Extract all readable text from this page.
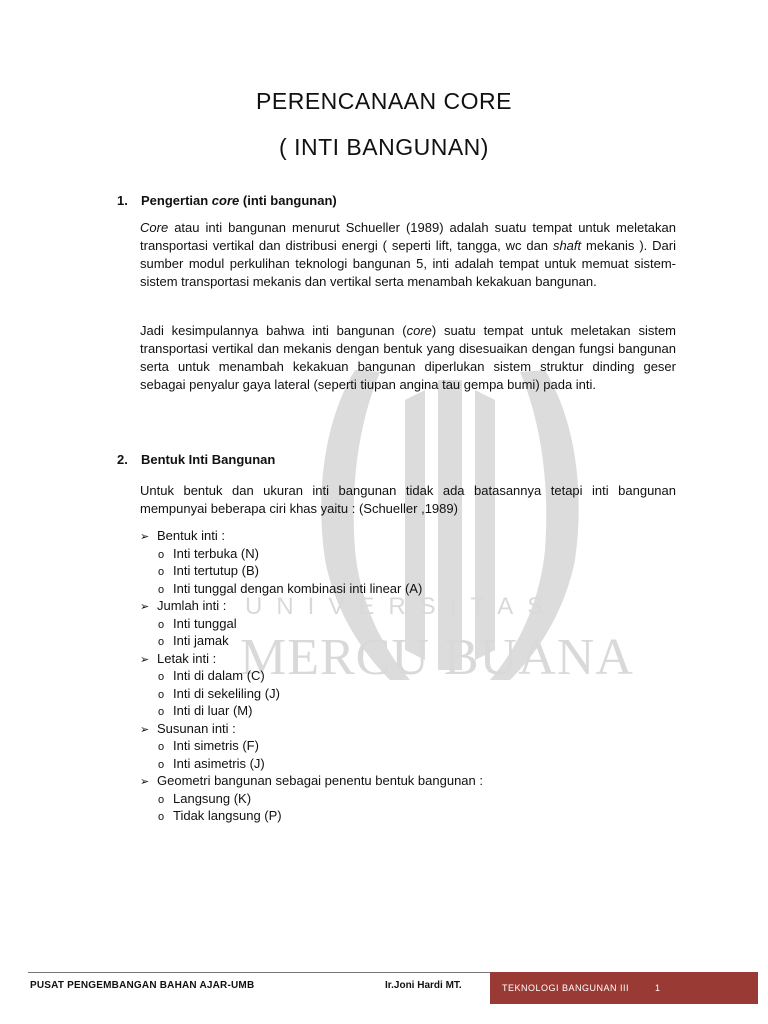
UNIVERSITAS
MERCU BUANA
PERENCANAAN CORE
( INTI BANGUNAN)
1. Pengertian core (inti bangunan)
Core atau inti bangunan menurut Schueller (1989) adalah suatu tempat untuk meletakan transportasi vertikal dan distribusi energi ( seperti lift, tangga, wc dan shaft mekanis ). Dari sumber modul perkulihan teknologi bangunan 5, inti adalah tempat untuk memuat sistem-sistem transportasi mekanis dan vertikal serta menambah kekakuan bangunan.
Jadi kesimpulannya bahwa inti bangunan (core) suatu tempat untuk meletakan sistem transportasi vertikal dan mekanis dengan bentuk yang disesuaikan dengan fungsi bangunan serta untuk menambah kekakuan bangunan diperlukan sistem struktur dinding geser sebagai penyalur gaya lateral (seperti tiupan angina tau gempa bumi) pada inti.
2. Bentuk Inti Bangunan
Untuk bentuk dan ukuran inti bangunan tidak ada batasannya tetapi inti bangunan mempunyai beberapa ciri khas yaitu : (Schueller ,1989)
➢ Bentuk inti :
o Inti terbuka (N)
o Inti tertutup (B)
o Inti tunggal dengan kombinasi inti linear (A)
➢ Jumlah inti :
o Inti tunggal
o Inti jamak
➢ Letak inti :
o Inti di dalam (C)
o Inti di sekeliling (J)
o Inti di luar (M)
➢ Susunan inti :
o Inti simetris (F)
o Inti asimetris (J)
➢ Geometri bangunan sebagai penentu bentuk bangunan :
o Langsung (K)
o Tidak langsung (P)
PUSAT PENGEMBANGAN BAHAN AJAR-UMB	Ir.Joni Hardi MT.	TEKNOLOGI BANGUNAN III	1
